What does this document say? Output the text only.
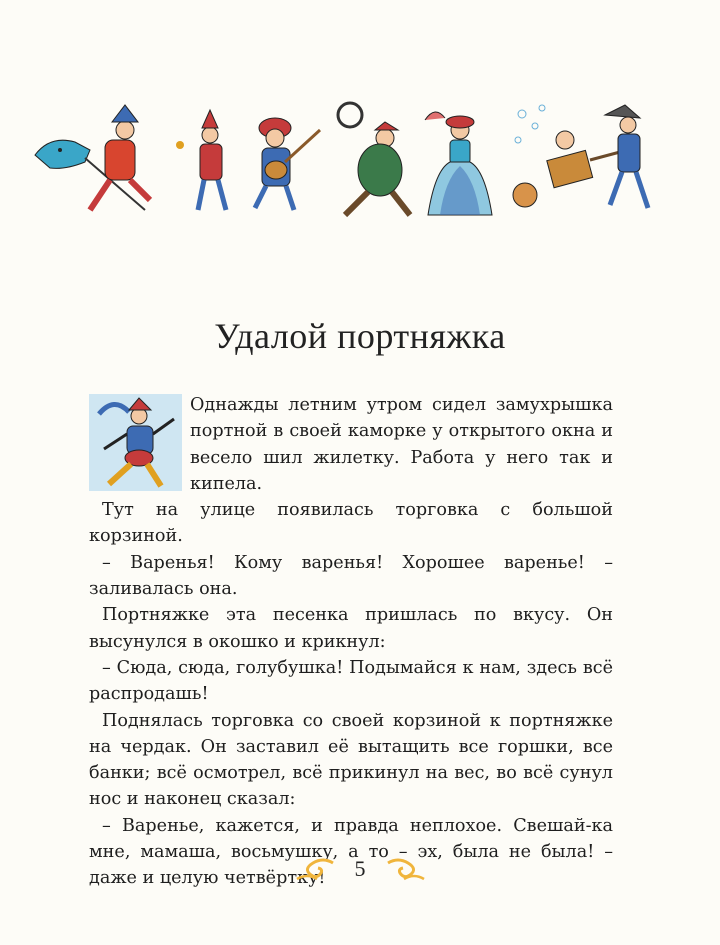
Удалой портняжка

Однажды летним утром сидел замухрышка портной в своей каморке у открытого окна и весело шил жилетку. Работа у него так и кипела.

Тут на улице появилась торговка с большой корзиной.

– Варенья! Кому варенья! Хорошее варенье! – заливалась она.

Портняжке эта песенка пришлась по вкусу. Он высунулся в окошко и крикнул:

– Сюда, сюда, голубушка! Подымайся к нам, здесь всё распродашь!

Поднялась торговка со своей корзиной к портняжке на чердак. Он заставил её вытащить все горшки, все банки; всё осмотрел, всё прикинул на вес, во всё сунул нос и наконец сказал:

– Варенье, кажется, и правда неплохое. Свешай-ка мне, мамаша, восьмушку, а то – эх, была не была! – даже и целую четвёртку!	5
